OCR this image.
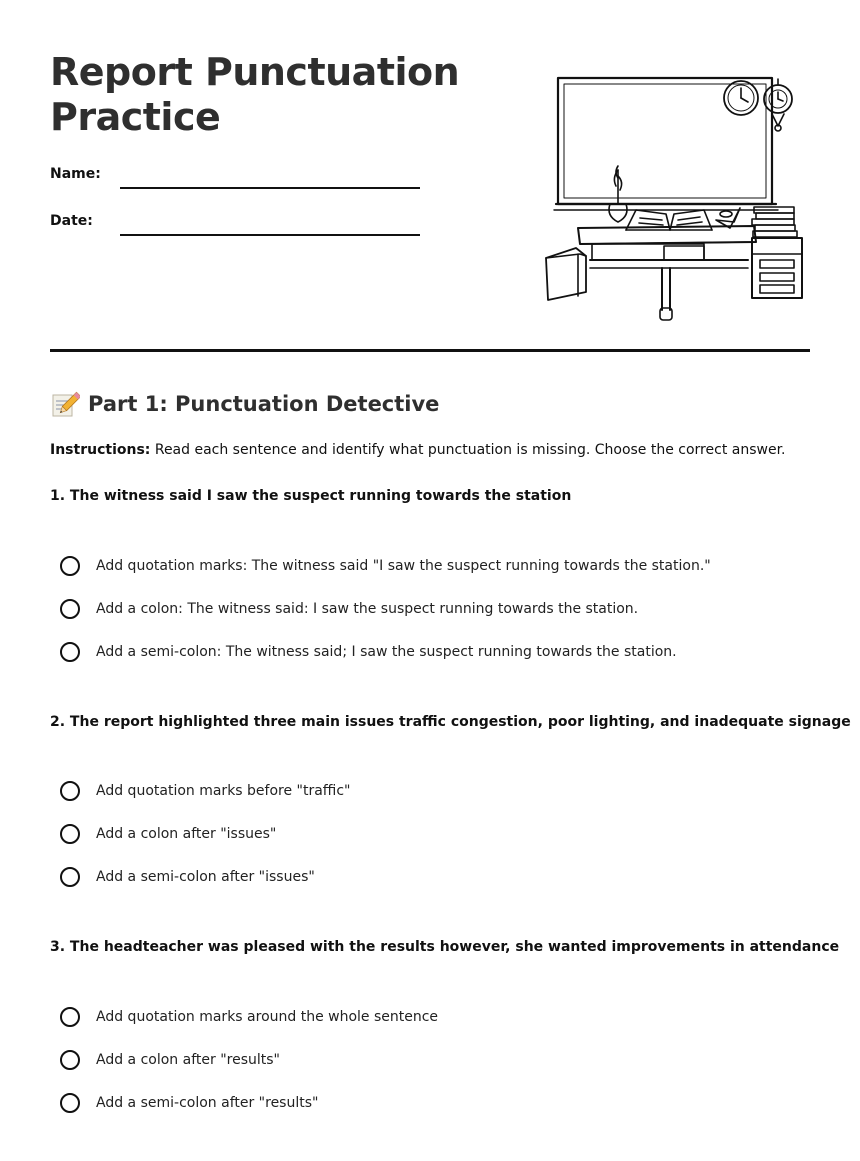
Report Punctuation Practice
Name:
Date:
Part 1: Punctuation Detective
Instructions: Read each sentence and identify what punctuation is missing. Choose the correct answer.
1. The witness said I saw the suspect running towards the station
Add quotation marks: The witness said "I saw the suspect running towards the station."
Add a colon: The witness said: I saw the suspect running towards the station.
Add a semi-colon: The witness said; I saw the suspect running towards the station.
2. The report highlighted three main issues traffic congestion, poor lighting, and inadequate signage
Add quotation marks before "traffic"
Add a colon after "issues"
Add a semi-colon after "issues"
3. The headteacher was pleased with the results however, she wanted improvements in attendance
Add quotation marks around the whole sentence
Add a colon after "results"
Add a semi-colon after "results"
